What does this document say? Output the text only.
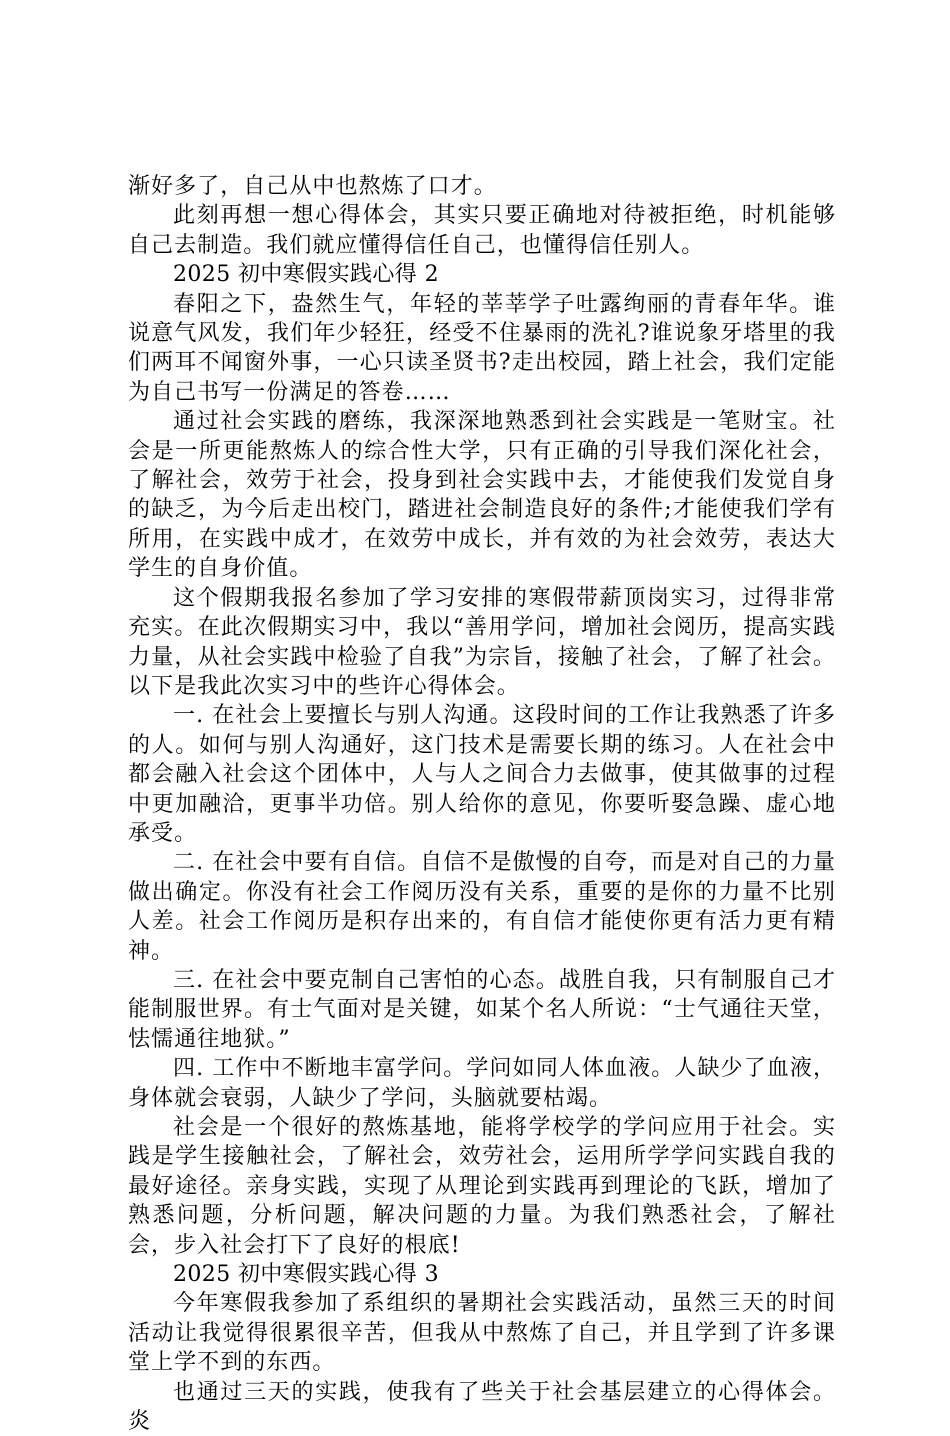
渐好多了，自己从中也熬炼了口才。

此刻再想一想心得体会，其实只要正确地对待被拒绝，时机能够自己去制造。我们就应懂得信任自己，也懂得信任别人。

2025 初中寒假实践心得 2

春阳之下，盎然生气，年轻的莘莘学子吐露绚丽的青春年华。谁说意气风发，我们年少轻狂，经受不住暴雨的洗礼?谁说象牙塔里的我们两耳不闻窗外事，一心只读圣贤书?走出校园，踏上社会，我们定能为自己书写一份满足的答卷……

通过社会实践的磨练，我深深地熟悉到社会实践是一笔财宝。社会是一所更能熬炼人的综合性大学，只有正确的引导我们深化社会，了解社会，效劳于社会，投身到社会实践中去，才能使我们发觉自身的缺乏，为今后走出校门，踏进社会制造良好的条件;才能使我们学有所用，在实践中成才，在效劳中成长，并有效的为社会效劳，表达大学生的自身价值。

这个假期我报名参加了学习安排的寒假带薪顶岗实习，过得非常充实。在此次假期实习中，我以“善用学问，增加社会阅历，提高实践力量，从社会实践中检验了自我”为宗旨，接触了社会，了解了社会。以下是我此次实习中的些许心得体会。

一. 在社会上要擅长与别人沟通。这段时间的工作让我熟悉了许多的人。如何与别人沟通好，这门技术是需要长期的练习。人在社会中都会融入社会这个团体中，人与人之间合力去做事，使其做事的过程中更加融洽，更事半功倍。别人给你的意见，你要听娶急躁、虚心地承受。

二. 在社会中要有自信。自信不是傲慢的自夸，而是对自己的力量做出确定。你没有社会工作阅历没有关系，重要的是你的力量不比别人差。社会工作阅历是积存出来的，有自信才能使你更有活力更有精神。

三. 在社会中要克制自己害怕的心态。战胜自我，只有制服自己才能制服世界。有士气面对是关键，如某个名人所说：“士气通往天堂，怯懦通往地狱。”

四. 工作中不断地丰富学问。学问如同人体血液。人缺少了血液，身体就会衰弱，人缺少了学问，头脑就要枯竭。

社会是一个很好的熬炼基地，能将学校学的学问应用于社会。实践是学生接触社会，了解社会，效劳社会，运用所学学问实践自我的最好途径。亲身实践，实现了从理论到实践再到理论的飞跃，增加了熟悉问题，分析问题，解决问题的力量。为我们熟悉社会，了解社会，步入社会打下了良好的根底!

2025 初中寒假实践心得 3

今年寒假我参加了系组织的暑期社会实践活动，虽然三天的时间活动让我觉得很累很辛苦，但我从中熬炼了自己，并且学到了许多课堂上学不到的东西。

也通过三天的实践，使我有了些关于社会基层建立的心得体会。炎
